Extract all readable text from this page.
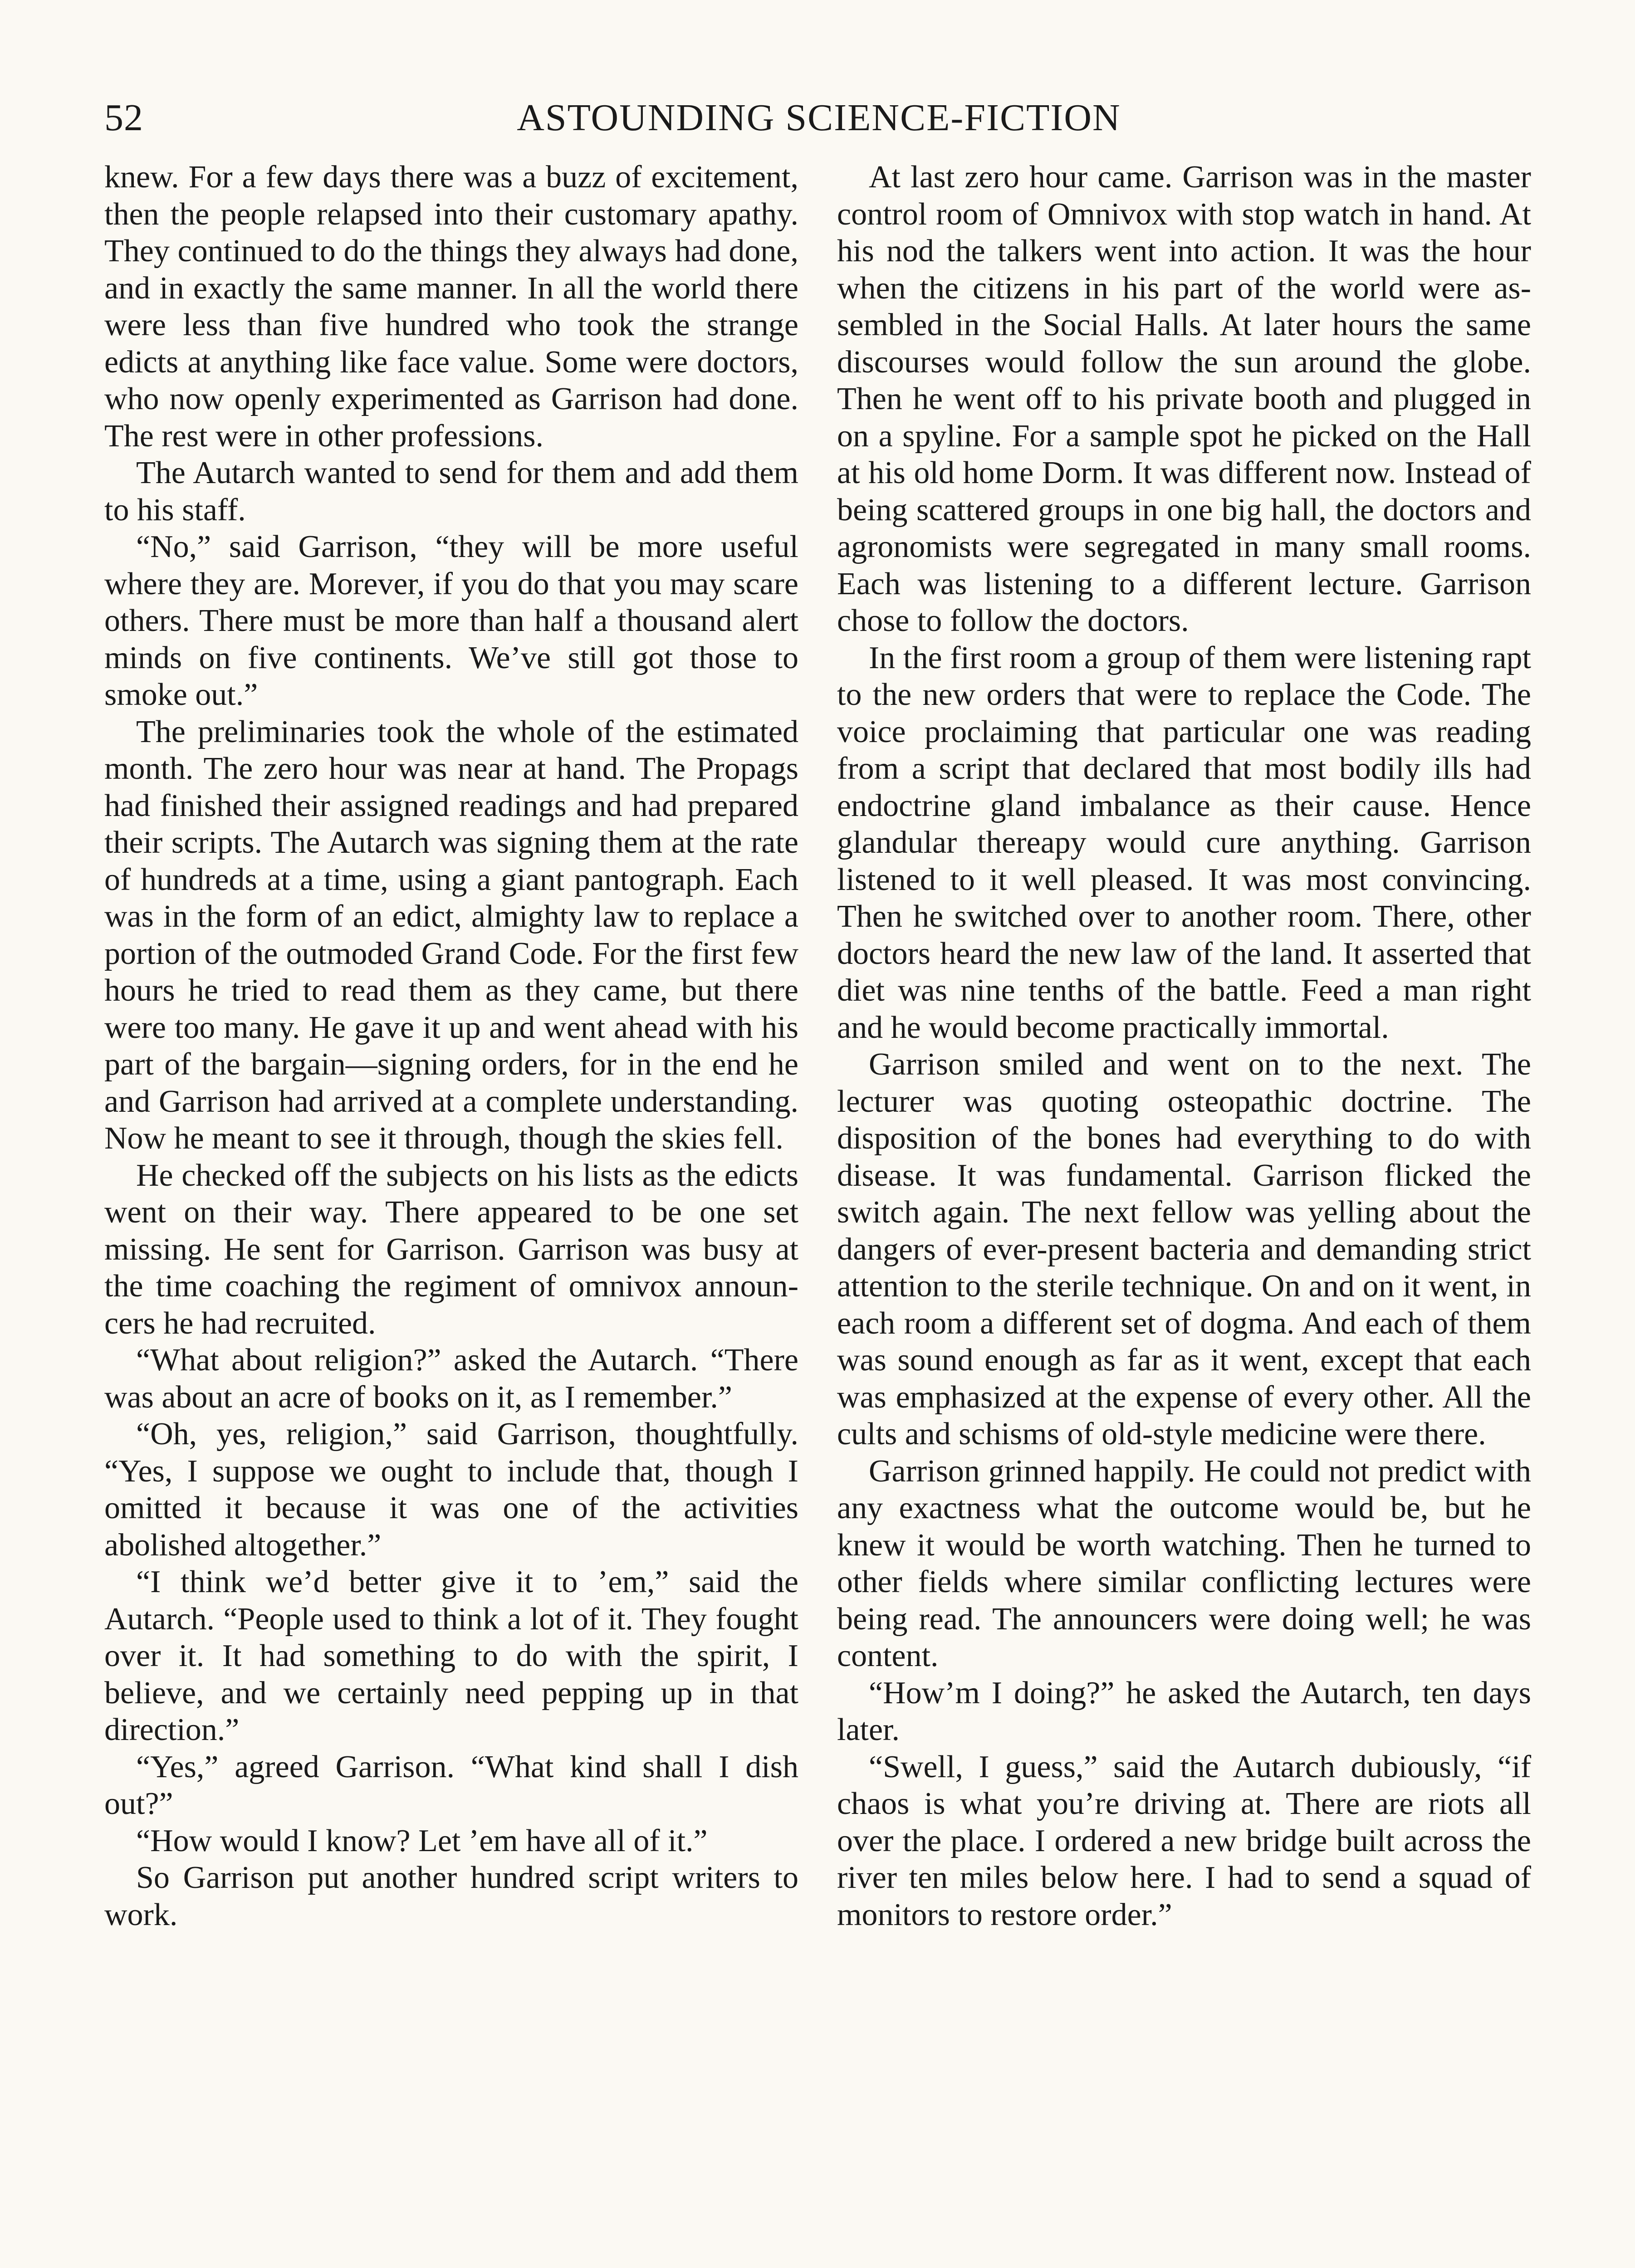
52	ASTOUNDING SCIENCE-FICTION

knew. For a few days there was a buzz of excitement, then the people relapsed into their customary apathy. They continued to do the things they always had done, and in exactly the same manner. In all the world there were less than five hundred who took the strange edicts at anything like face value. Some were doctors, who now openly experimented as Garrison had done. The rest were in other professions.

The Autarch wanted to send for them and add them to his staff.

“No,” said Garrison, “they will be more useful where they are. Morever, if you do that you may scare others. There must be more than half a thousand alert minds on five continents. We’ve still got those to smoke out.”

The preliminaries took the whole of the estimated month. The zero hour was near at hand. The Propags had finished their assigned readings and had prepared their scripts. The Autarch was signing them at the rate of hundreds at a time, using a giant pantograph. Each was in the form of an edict, almighty law to replace a portion of the outmoded Grand Code. For the first few hours he tried to read them as they came, but there were too many. He gave it up and went ahead with his part of the bargain—signing orders, for in the end he and Garrison had arrived at a complete understanding. Now he meant to see it through, though the skies fell.

He checked off the subjects on his lists as the edicts went on their way. There appeared to be one set missing. He sent for Garrison. Garrison was busy at the time coaching the regiment of omnivox announcers he had recruited.

“What about religion?” asked the Autarch. “There was about an acre of books on it, as I remember.”

“Oh, yes, religion,” said Garrison, thoughtfully. “Yes, I suppose we ought to include that, though I omitted it because it was one of the activities abolished altogether.”

“I think we’d better give it to ’em,” said the Autarch. “People used to think a lot of it. They fought over it. It had something to do with the spirit, I believe, and we certainly need pepping up in that direction.”

“Yes,” agreed Garrison. “What kind shall I dish out?”

“How would I know? Let ’em have all of it.”

So Garrison put another hundred script writers to work.

At last zero hour came. Garrison was in the master control room of Omnivox with stop watch in hand. At his nod the talkers went into action. It was the hour when the citizens in his part of the world were assembled in the Social Halls. At later hours the same discourses would follow the sun around the globe. Then he went off to his private booth and plugged in on a spyline. For a sample spot he picked on the Hall at his old home Dorm. It was different now. Instead of being scattered groups in one big hall, the doctors and agronomists were segregated in many small rooms. Each was listening to a different lecture. Garrison chose to follow the doctors.

In the first room a group of them were listening rapt to the new orders that were to replace the Code. The voice proclaiming that particular one was reading from a script that declared that most bodily ills had endoctrine gland imbalance as their cause. Hence glandular thereapy would cure anything. Garrison listened to it well pleased. It was most convincing. Then he switched over to another room. There, other doctors heard the new law of the land. It asserted that diet was nine tenths of the battle. Feed a man right and he would become practically immortal.

Garrison smiled and went on to the next. The lecturer was quoting osteopathic doctrine. The disposition of the bones had everything to do with disease. It was fundamental. Garrison flicked the switch again. The next fellow was yelling about the dangers of ever-present bacteria and demanding strict attention to the sterile technique. On and on it went, in each room a different set of dogma. And each of them was sound enough as far as it went, except that each was emphasized at the expense of every other. All the cults and schisms of old-style medicine were there.

Garrison grinned happily. He could not predict with any exactness what the outcome would be, but he knew it would be worth watching. Then he turned to other fields where similar conflicting lectures were being read. The announcers were doing well; he was content.

“How’m I doing?” he asked the Autarch, ten days later.

“Swell, I guess,” said the Autarch dubiously, “if chaos is what you’re driving at. There are riots all over the place. I ordered a new bridge built across the river ten miles below here. I had to send a squad of monitors to restore order.”
